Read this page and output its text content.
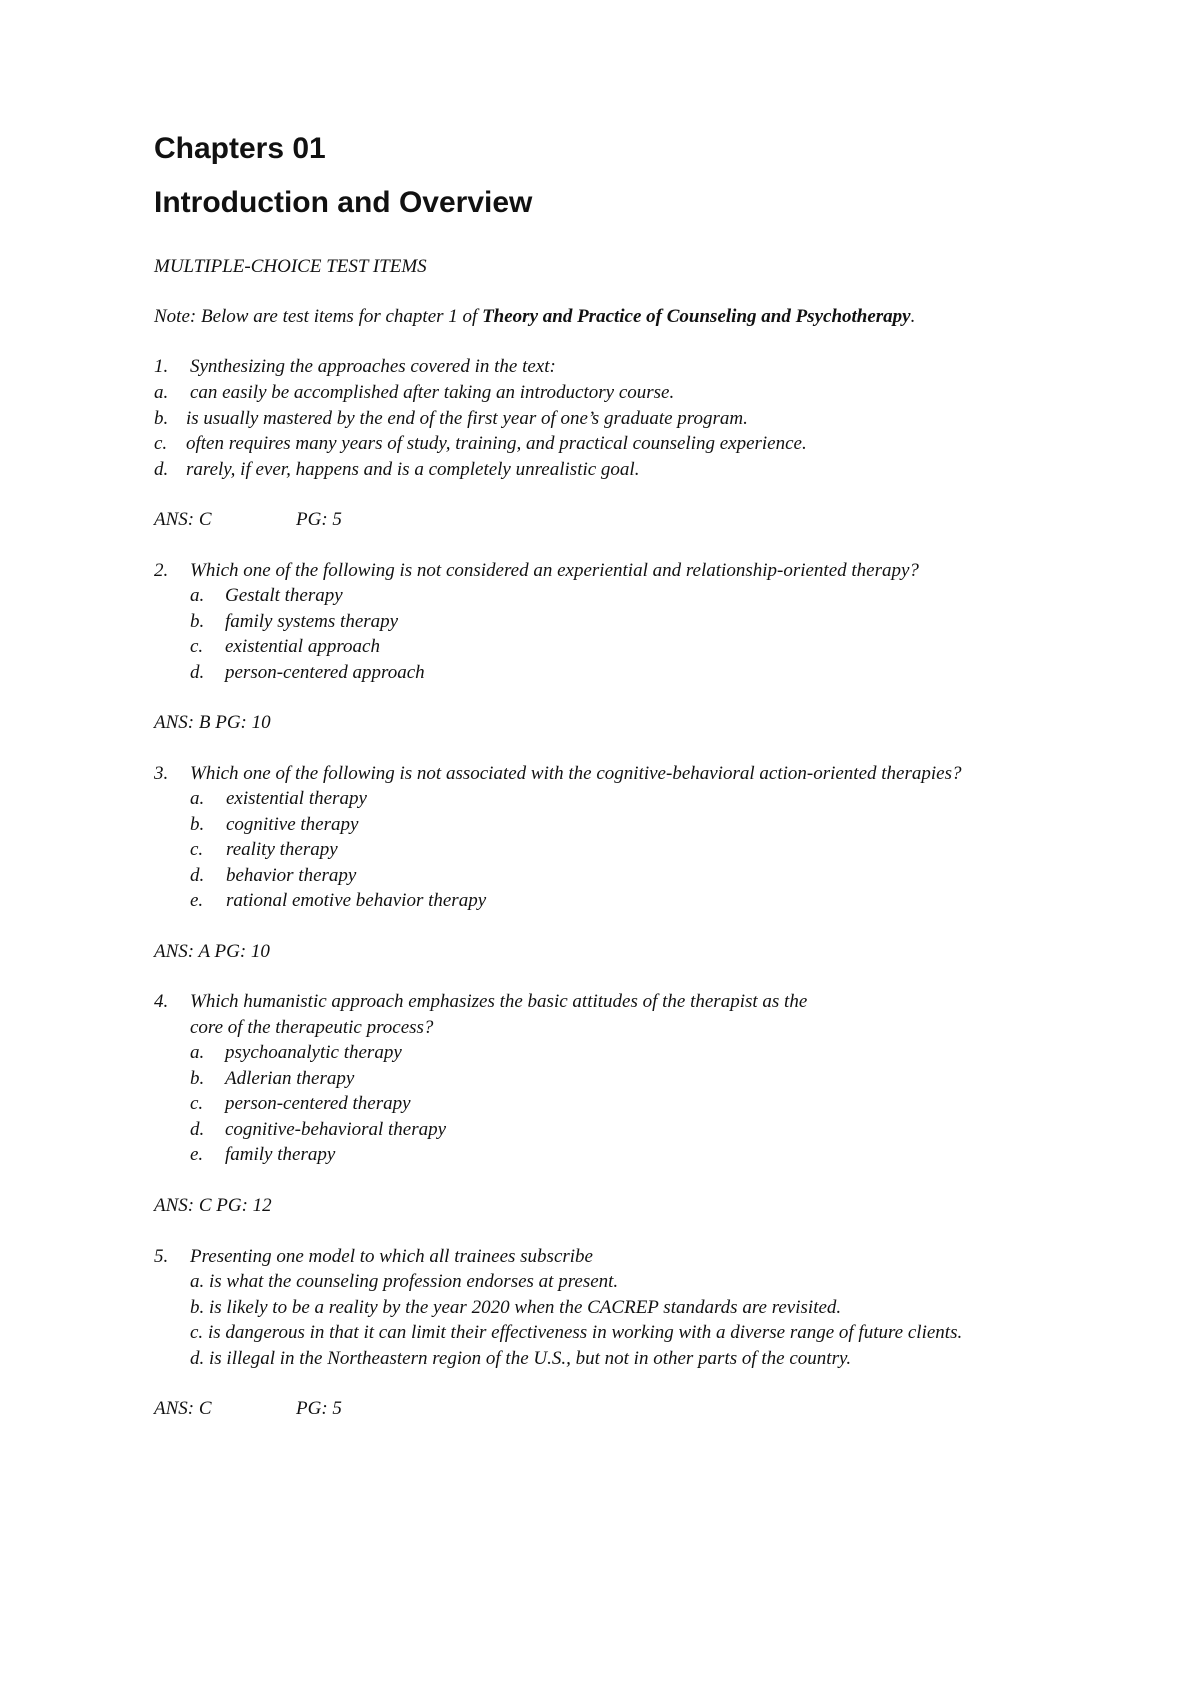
Chapters 01
Introduction and Overview

MULTIPLE-CHOICE TEST ITEMS

Note: Below are test items for chapter 1 of Theory and Practice of Counseling and Psychotherapy.

1. Synthesizing the approaches covered in the text:

a. can easily be accomplished after taking an introductory course.

b. is usually mastered by the end of the first year of one’s graduate program.

c. often requires many years of study, training, and practical counseling experience.

d. rarely, if ever, happens and is a completely unrealistic goal.

ANS: C	PG: 5

2. Which one of the following is not considered an experiential and relationship-oriented therapy?

a. Gestalt therapy

b. family systems therapy

c. existential approach

d. person-centered approach

ANS: B PG: 10

3. Which one of the following is not associated with the cognitive-behavioral action-oriented therapies?

a. existential therapy

b. cognitive therapy

c. reality therapy

d. behavior therapy

e. rational emotive behavior therapy

ANS: A PG: 10

4. Which humanistic approach emphasizes the basic attitudes of the therapist as the

core of the therapeutic process?

a. psychoanalytic therapy

b. Adlerian therapy

c. person-centered therapy

d. cognitive-behavioral therapy

e. family therapy

ANS: C PG: 12

5. Presenting one model to which all trainees subscribe

a. is what the counseling profession endorses at present.

b. is likely to be a reality by the year 2020 when the CACREP standards are revisited.

c. is dangerous in that it can limit their effectiveness in working with a diverse range of future clients.

d. is illegal in the Northeastern region of the U.S., but not in other parts of the country.

ANS: C	PG: 5
